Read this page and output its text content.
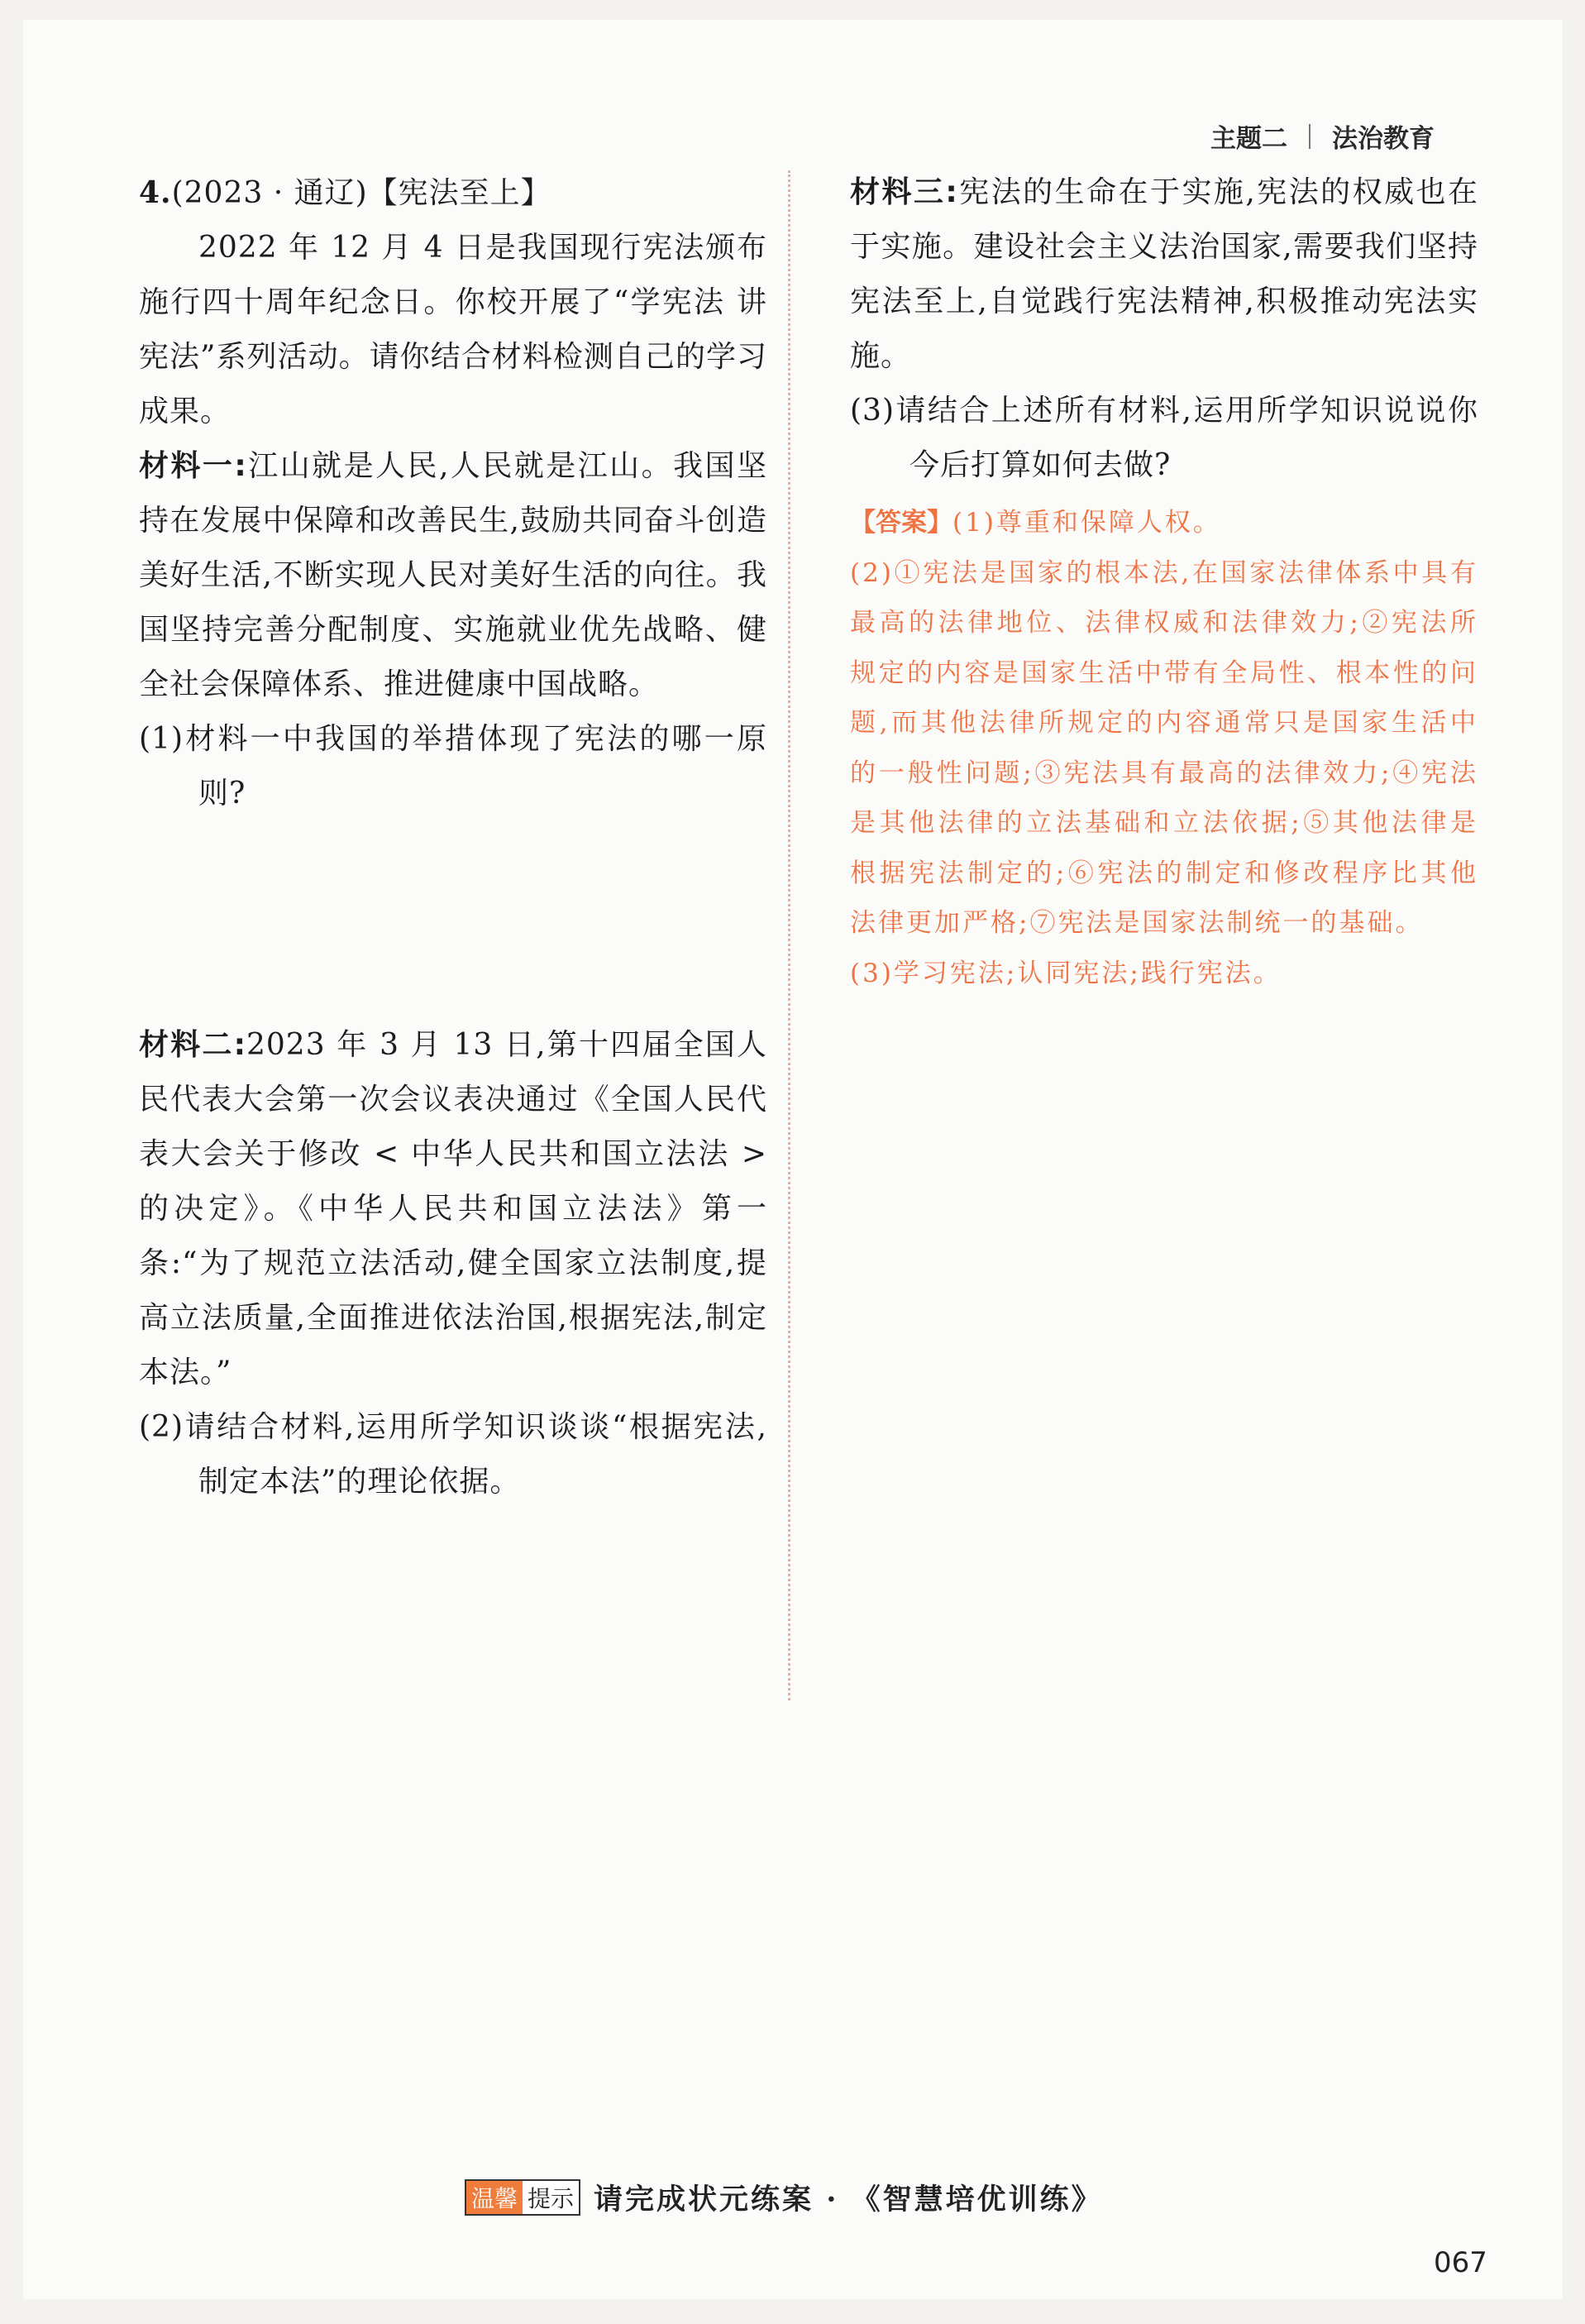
主题二 法治教育

4.(2023 · 通辽)【宪法至上】

2022 年 12 月 4 日是我国现行宪法颁布施行四十周年纪念日。你校开展了“学宪法 讲宪法”系列活动。请你结合材料检测自己的学习成果。

材料一:江山就是人民,人民就是江山。我国坚持在发展中保障和改善民生,鼓励共同奋斗创造美好生活,不断实现人民对美好生活的向往。我国坚持完善分配制度、实施就业优先战略、健全社会保障体系、推进健康中国战略。

(1)材料一中我国的举措体现了宪法的哪一原则?

材料二:2023 年 3 月 13 日,第十四届全国人民代表大会第一次会议表决通过《全国人民代表大会关于修改 < 中华人民共和国立法法 > 的决定》。《中华人民共和国立法法》第一条:“为了规范立法活动,健全国家立法制度,提高立法质量,全面推进依法治国,根据宪法,制定本法。”

(2)请结合材料,运用所学知识谈谈“根据宪法,制定本法”的理论依据。

材料三:宪法的生命在于实施,宪法的权威也在于实施。建设社会主义法治国家,需要我们坚持宪法至上,自觉践行宪法精神,积极推动宪法实施。

(3)请结合上述所有材料,运用所学知识说说你今后打算如何去做?

【答案】(1)尊重和保障人权。

(2)①宪法是国家的根本法,在国家法律体系中具有最高的法律地位、法律权威和法律效力;②宪法所规定的内容是国家生活中带有全局性、根本性的问题,而其他法律所规定的内容通常只是国家生活中的一般性问题;③宪法具有最高的法律效力;④宪法是其他法律的立法基础和立法依据;⑤其他法律是根据宪法制定的;⑥宪法的制定和修改程序比其他法律更加严格;⑦宪法是国家法制统一的基础。

(3)学习宪法;认同宪法;践行宪法。

温馨 提示 请完成状元练案 · 《智慧培优训练》
067
